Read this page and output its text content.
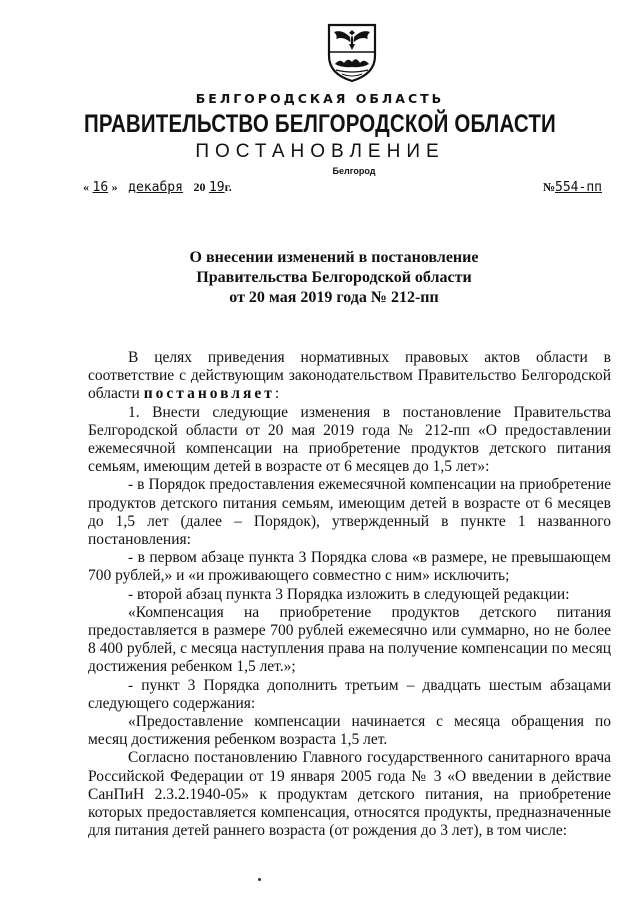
БЕЛГОРОДСКАЯ ОБЛАСТЬ
ПРАВИТЕЛЬСТВО БЕЛГОРОДСКОЙ ОБЛАСТИ
ПОСТАНОВЛЕНИЕ
Белгород
« 16 » декабря 20 19г.	№554-пп
О внесении изменений в постановление
Правительства Белгородской области
от 20 мая 2019 года № 212-пп

В целях приведения нормативных правовых актов области в соответствие с действующим законодательством Правительство Белгородской области постановляет:

1. Внести следующие изменения в постановление Правительства Белгородской области от 20 мая 2019 года № 212-пп «О предоставлении ежемесячной компенсации на приобретение продуктов детского питания семьям, имеющим детей в возрасте от 6 месяцев до 1,5 лет»:

- в Порядок предоставления ежемесячной компенсации на приобретение продуктов детского питания семьям, имеющим детей в возрасте от 6 месяцев до 1,5 лет (далее – Порядок), утвержденный в пункте 1 названного постановления:

- в первом абзаце пункта 3 Порядка слова «в размере, не превышающем 700 рублей,» и «и проживающего совместно с ним» исключить;

- второй абзац пункта 3 Порядка изложить в следующей редакции:

«Компенсация на приобретение продуктов детского питания предоставляется в размере 700 рублей ежемесячно или суммарно, но не более 8 400 рублей, с месяца наступления права на получение компенсации по месяц достижения ребенком 1,5 лет.»;

- пункт 3 Порядка дополнить третьим – двадцать шестым абзацами следующего содержания:

«Предоставление компенсации начинается с месяца обращения по месяц достижения ребенком возраста 1,5 лет.

Согласно постановлению Главного государственного санитарного врача Российской Федерации от 19 января 2005 года № 3 «О введении в действие СанПиН 2.3.2.1940-05» к продуктам детского питания, на приобретение которых предоставляется компенсация, относятся продукты, предназначенные для питания детей раннего возраста (от рождения до 3 лет), в том числе:
